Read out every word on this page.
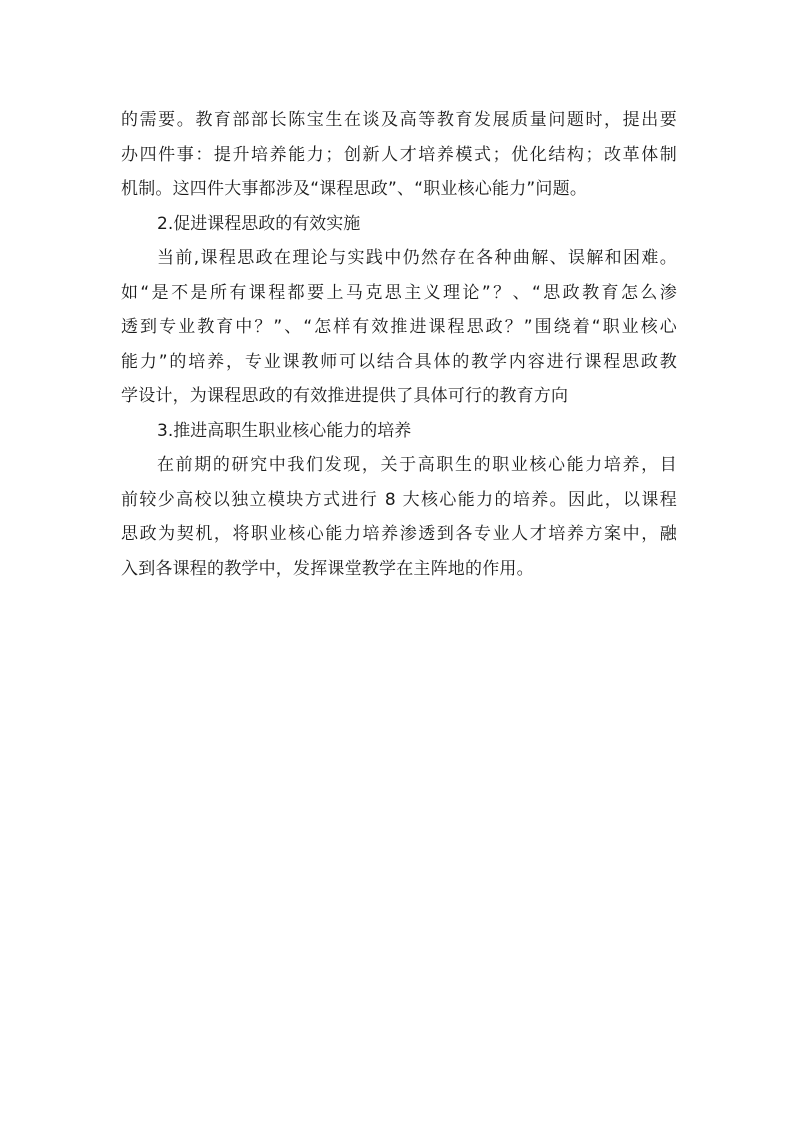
的需要。教育部部长陈宝生在谈及高等教育发展质量问题时，提出要
办四件事：提升培养能力；创新人才培养模式；优化结构；改革体制
机制。这四件大事都涉及“课程思政”、“职业核心能力”问题。
2.促进课程思政的有效实施
当前,课程思政在理论与实践中仍然存在各种曲解、误解和困难。
如“是不是所有课程都要上马克思主义理论”？、“思政教育怎么渗
透到专业教育中？”、“怎样有效推进课程思政？”围绕着“职业核心
能力”的培养，专业课教师可以结合具体的教学内容进行课程思政教
学设计，为课程思政的有效推进提供了具体可行的教育方向
3.推进高职生职业核心能力的培养
在前期的研究中我们发现，关于高职生的职业核心能力培养，目
前较少高校以独立模块方式进行 8 大核心能力的培养。因此，以课程
思政为契机，将职业核心能力培养渗透到各专业人才培养方案中，融
入到各课程的教学中，发挥课堂教学在主阵地的作用。
